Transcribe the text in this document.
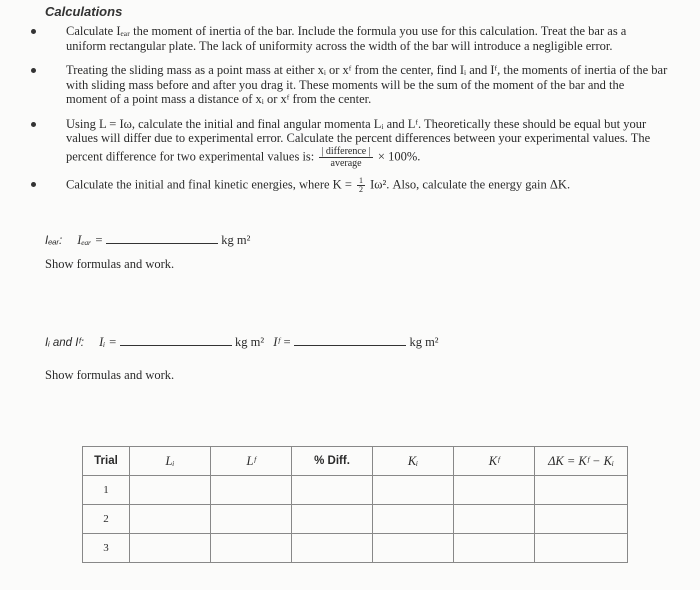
Calculations
Calculate Iₑₐᵣ the moment of inertia of the bar. Include the formula you use for this calculation. Treat the bar as a uniform rectangular plate. The lack of uniformity across the width of the bar will introduce a negligible error.
Treating the sliding mass as a point mass at either xᵢ or xᶠ from the center, find Iᵢ and Iᶠ, the moments of inertia of the bar with sliding mass before and after you drag it. These moments will be the sum of the moment of the bar and the moment of a point mass a distance of xᵢ or xᶠ from the center.
Using L = Iω, calculate the initial and final angular momenta Lᵢ and Lᶠ. Theoretically these should be equal but your values will differ due to experimental error. Calculate the percent differences between your experimental values. The percent difference for two experimental values is: $\frac{\text{| difference |}}{\text{average}} \times 100\%$.
Calculate the initial and final kinetic energies, where $K = \frac{1}{2} I\omega^2$. Also, calculate the energy gain ΔK.
Iₑₐᵣ: Iₑₐᵣ =	kg m²
Show formulas and work.
Iᵢ and Iᶠ: Iᵢ =	kg m² Iᶠ =	kg m²
Show formulas and work.
Trial	Lᵢ	Lᶠ	% Diff.	Kᵢ	Kᶠ	ΔK = Kᶠ − Kᵢ
1						
2						
3						
